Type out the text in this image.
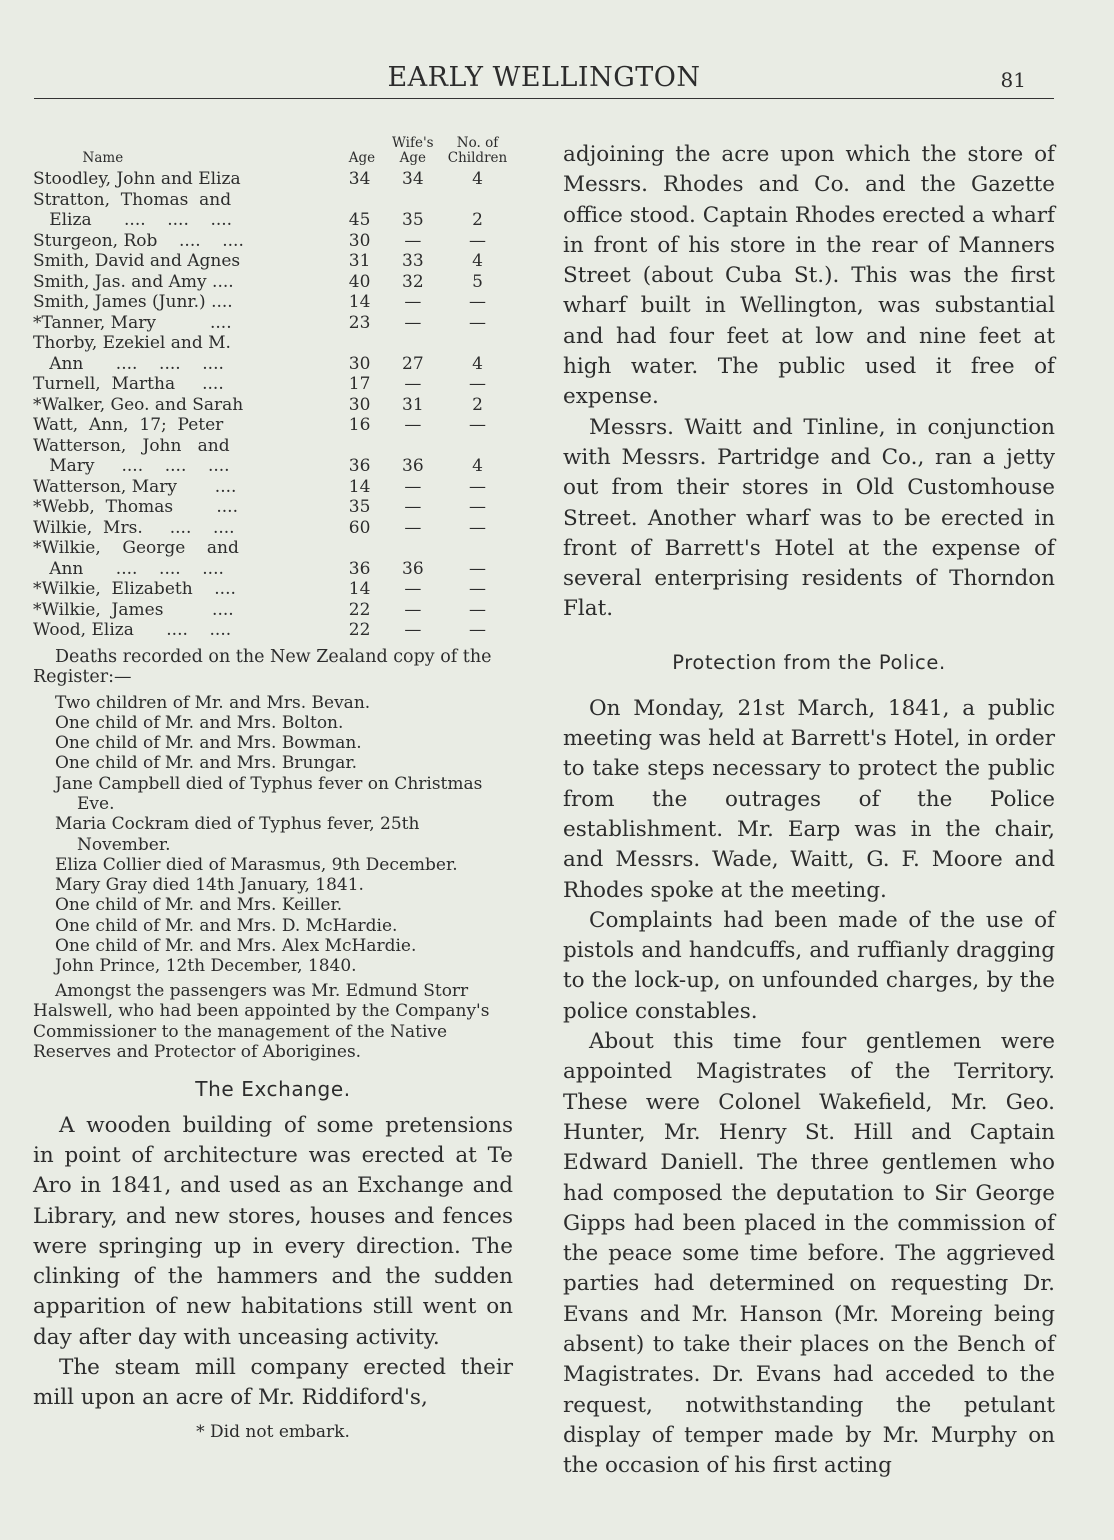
EARLY WELLINGTON	81
Name	Age	Wife's Age	No. of Children
Stoodley, John and Eliza	34	34	4
Stratton,  Thomas  and			
Eliza      ....    ....    ....	45	35	2
Sturgeon, Rob    ....    ....	30	—	—
Smith, David and Agnes	31	33	4
Smith, Jas. and Amy ....	40	32	5
Smith, James (Junr.) ....	14	—	—
*Tanner, Mary          ....	23	—	—
Thorby, Ezekiel and M.			
Ann      ....    ....    ....	30	27	4
Turnell,  Martha     ....	17	—	—
*Walker, Geo. and Sarah	30	31	2
Watt,  Ann,  17;  Peter	16	—	—
Watterson,   John   and			
Mary     ....    ....    ....	36	36	4
Watterson, Mary       ....	14	—	—
*Webb,  Thomas        ....	35	—	—
Wilkie,  Mrs.     ....    ....	60	—	—
*Wilkie,    George    and			
Ann      ....    ....    ....	36	36	—
*Wilkie,  Elizabeth    ....	14	—	—
*Wilkie,  James         ....	22	—	—
Wood, Eliza      ....    ....	22	—	—

Deaths recorded on the New Zealand copy of the Register:—

Two children of Mr. and Mrs. Bevan.
One child of Mr. and Mrs. Bolton.
One child of Mr. and Mrs. Bowman.
One child of Mr. and Mrs. Brungar.
Jane Campbell died of Typhus fever on Christmas Eve.
Maria Cockram died of Typhus fever, 25th November.
Eliza Collier died of Marasmus, 9th December.
Mary Gray died 14th January, 1841.
One child of Mr. and Mrs. Keiller.
One child of Mr. and Mrs. D. McHardie.
One child of Mr. and Mrs. Alex McHardie.
John Prince, 12th December, 1840.

Amongst the passengers was Mr. Edmund Storr Halswell, who had been appointed by the Company's Commissioner to the management of the Native Reserves and Protector of Aborigines.

The Exchange.

A wooden building of some pretensions in point of architecture was erected at Te Aro in 1841, and used as an Exchange and Library, and new stores, houses and fences were springing up in every direction. The clinking of the hammers and the sudden apparition of new habitations still went on day after day with unceasing activity.

The steam mill company erected their mill upon an acre of Mr. Riddiford's,

* Did not embark.

adjoining the acre upon which the store of Messrs. Rhodes and Co. and the Gazette office stood. Captain Rhodes erected a wharf in front of his store in the rear of Manners Street (about Cuba St.). This was the first wharf built in Wellington, was substantial and had four feet at low and nine feet at high water. The public used it free of expense.

Messrs. Waitt and Tinline, in conjunction with Messrs. Partridge and Co., ran a jetty out from their stores in Old Customhouse Street. Another wharf was to be erected in front of Barrett's Hotel at the expense of several enterprising residents of Thorndon Flat.

Protection from the Police.

On Monday, 21st March, 1841, a public meeting was held at Barrett's Hotel, in order to take steps necessary to protect the public from the outrages of the Police establishment. Mr. Earp was in the chair, and Messrs. Wade, Waitt, G. F. Moore and Rhodes spoke at the meeting.

Complaints had been made of the use of pistols and handcuffs, and ruffianly dragging to the lock-up, on unfounded charges, by the police constables.

About this time four gentlemen were appointed Magistrates of the Territory. These were Colonel Wakefield, Mr. Geo. Hunter, Mr. Henry St. Hill and Captain Edward Daniell. The three gentlemen who had composed the deputation to Sir George Gipps had been placed in the commission of the peace some time before. The aggrieved parties had determined on requesting Dr. Evans and Mr. Hanson (Mr. Moreing being absent) to take their places on the Bench of Magistrates. Dr. Evans had acceded to the request, notwithstanding the petulant display of temper made by Mr. Murphy on the occasion of his first acting
